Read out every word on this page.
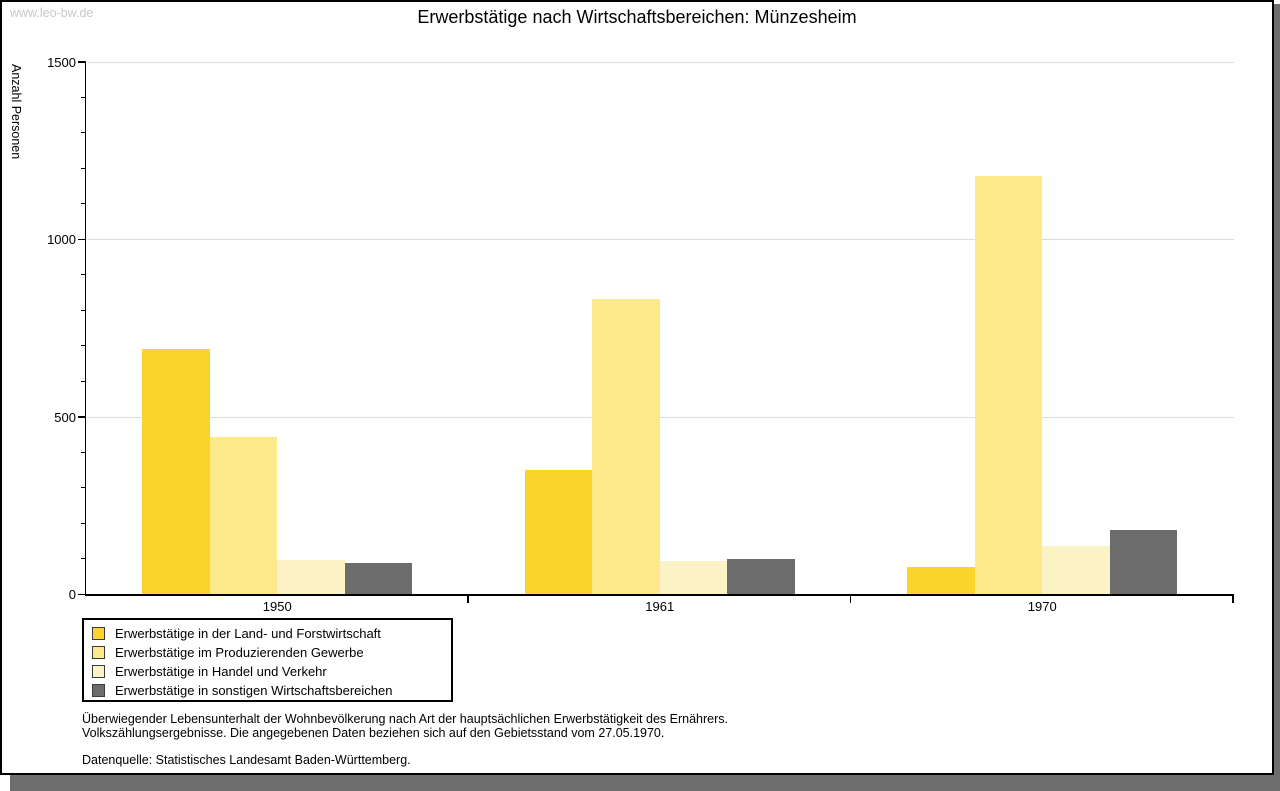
www.leo-bw.de	Erwerbstätige nach Wirtschaftsbereichen: Münzesheim
Anzahl Personen
1950	1961	1970
0
500
1000
1500
Erwerbstätige in der Land- und Forstwirtschaft
Erwerbstätige im Produzierenden Gewerbe
Erwerbstätige in Handel und Verkehr
Erwerbstätige in sonstigen Wirtschaftsbereichen
Überwiegender Lebensunterhalt der Wohnbevölkerung nach Art der hauptsächlichen Erwerbstätigkeit des Ernährers.
Volkszählungsergebnisse. Die angegebenen Daten beziehen sich auf den Gebietsstand vom 27.05.1970.
Datenquelle: Statistisches Landesamt Baden-Württemberg.
